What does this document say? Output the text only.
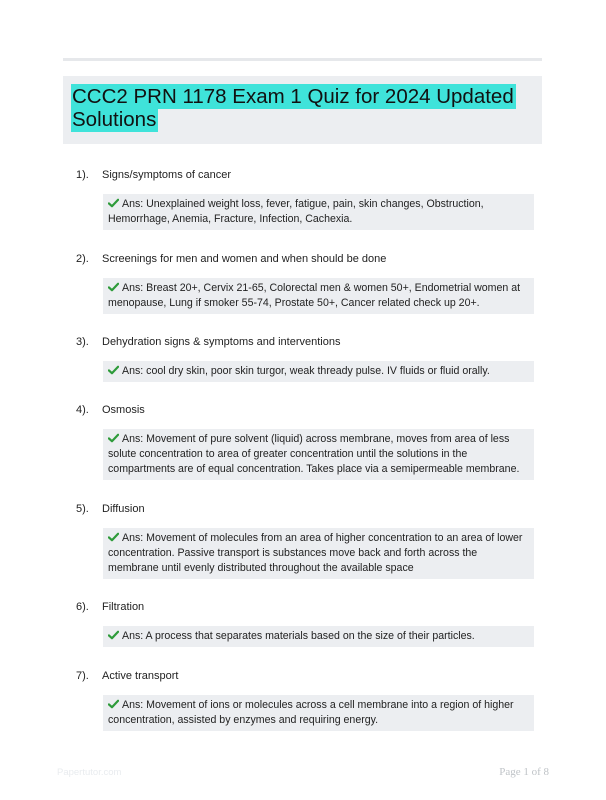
CCC2 PRN 1178 Exam 1 Quiz for 2024 Updated Solutions
1). Signs/symptoms of cancer
Ans: Unexplained weight loss, fever, fatigue, pain, skin changes, Obstruction, Hemorrhage, Anemia, Fracture, Infection, Cachexia.
2). Screenings for men and women and when should be done
Ans: Breast 20+, Cervix 21-65, Colorectal men & women 50+, Endometrial women at menopause, Lung if smoker 55-74, Prostate 50+, Cancer related check up 20+.
3). Dehydration signs & symptoms and interventions
Ans: cool dry skin, poor skin turgor, weak thready pulse. IV fluids or fluid orally.
4). Osmosis
Ans: Movement of pure solvent (liquid) across membrane, moves from area of less solute concentration to area of greater concentration until the solutions in the compartments are of equal concentration. Takes place via a semipermeable membrane.
5). Diffusion
Ans: Movement of molecules from an area of higher concentration to an area of lower concentration. Passive transport is substances move back and forth across the membrane until evenly distributed throughout the available space
6). Filtration
Ans: A process that separates materials based on the size of their particles.
7). Active transport
Ans: Movement of ions or molecules across a cell membrane into a region of higher concentration, assisted by enzymes and requiring energy.
Papertutor.com	Page 1 of 8
